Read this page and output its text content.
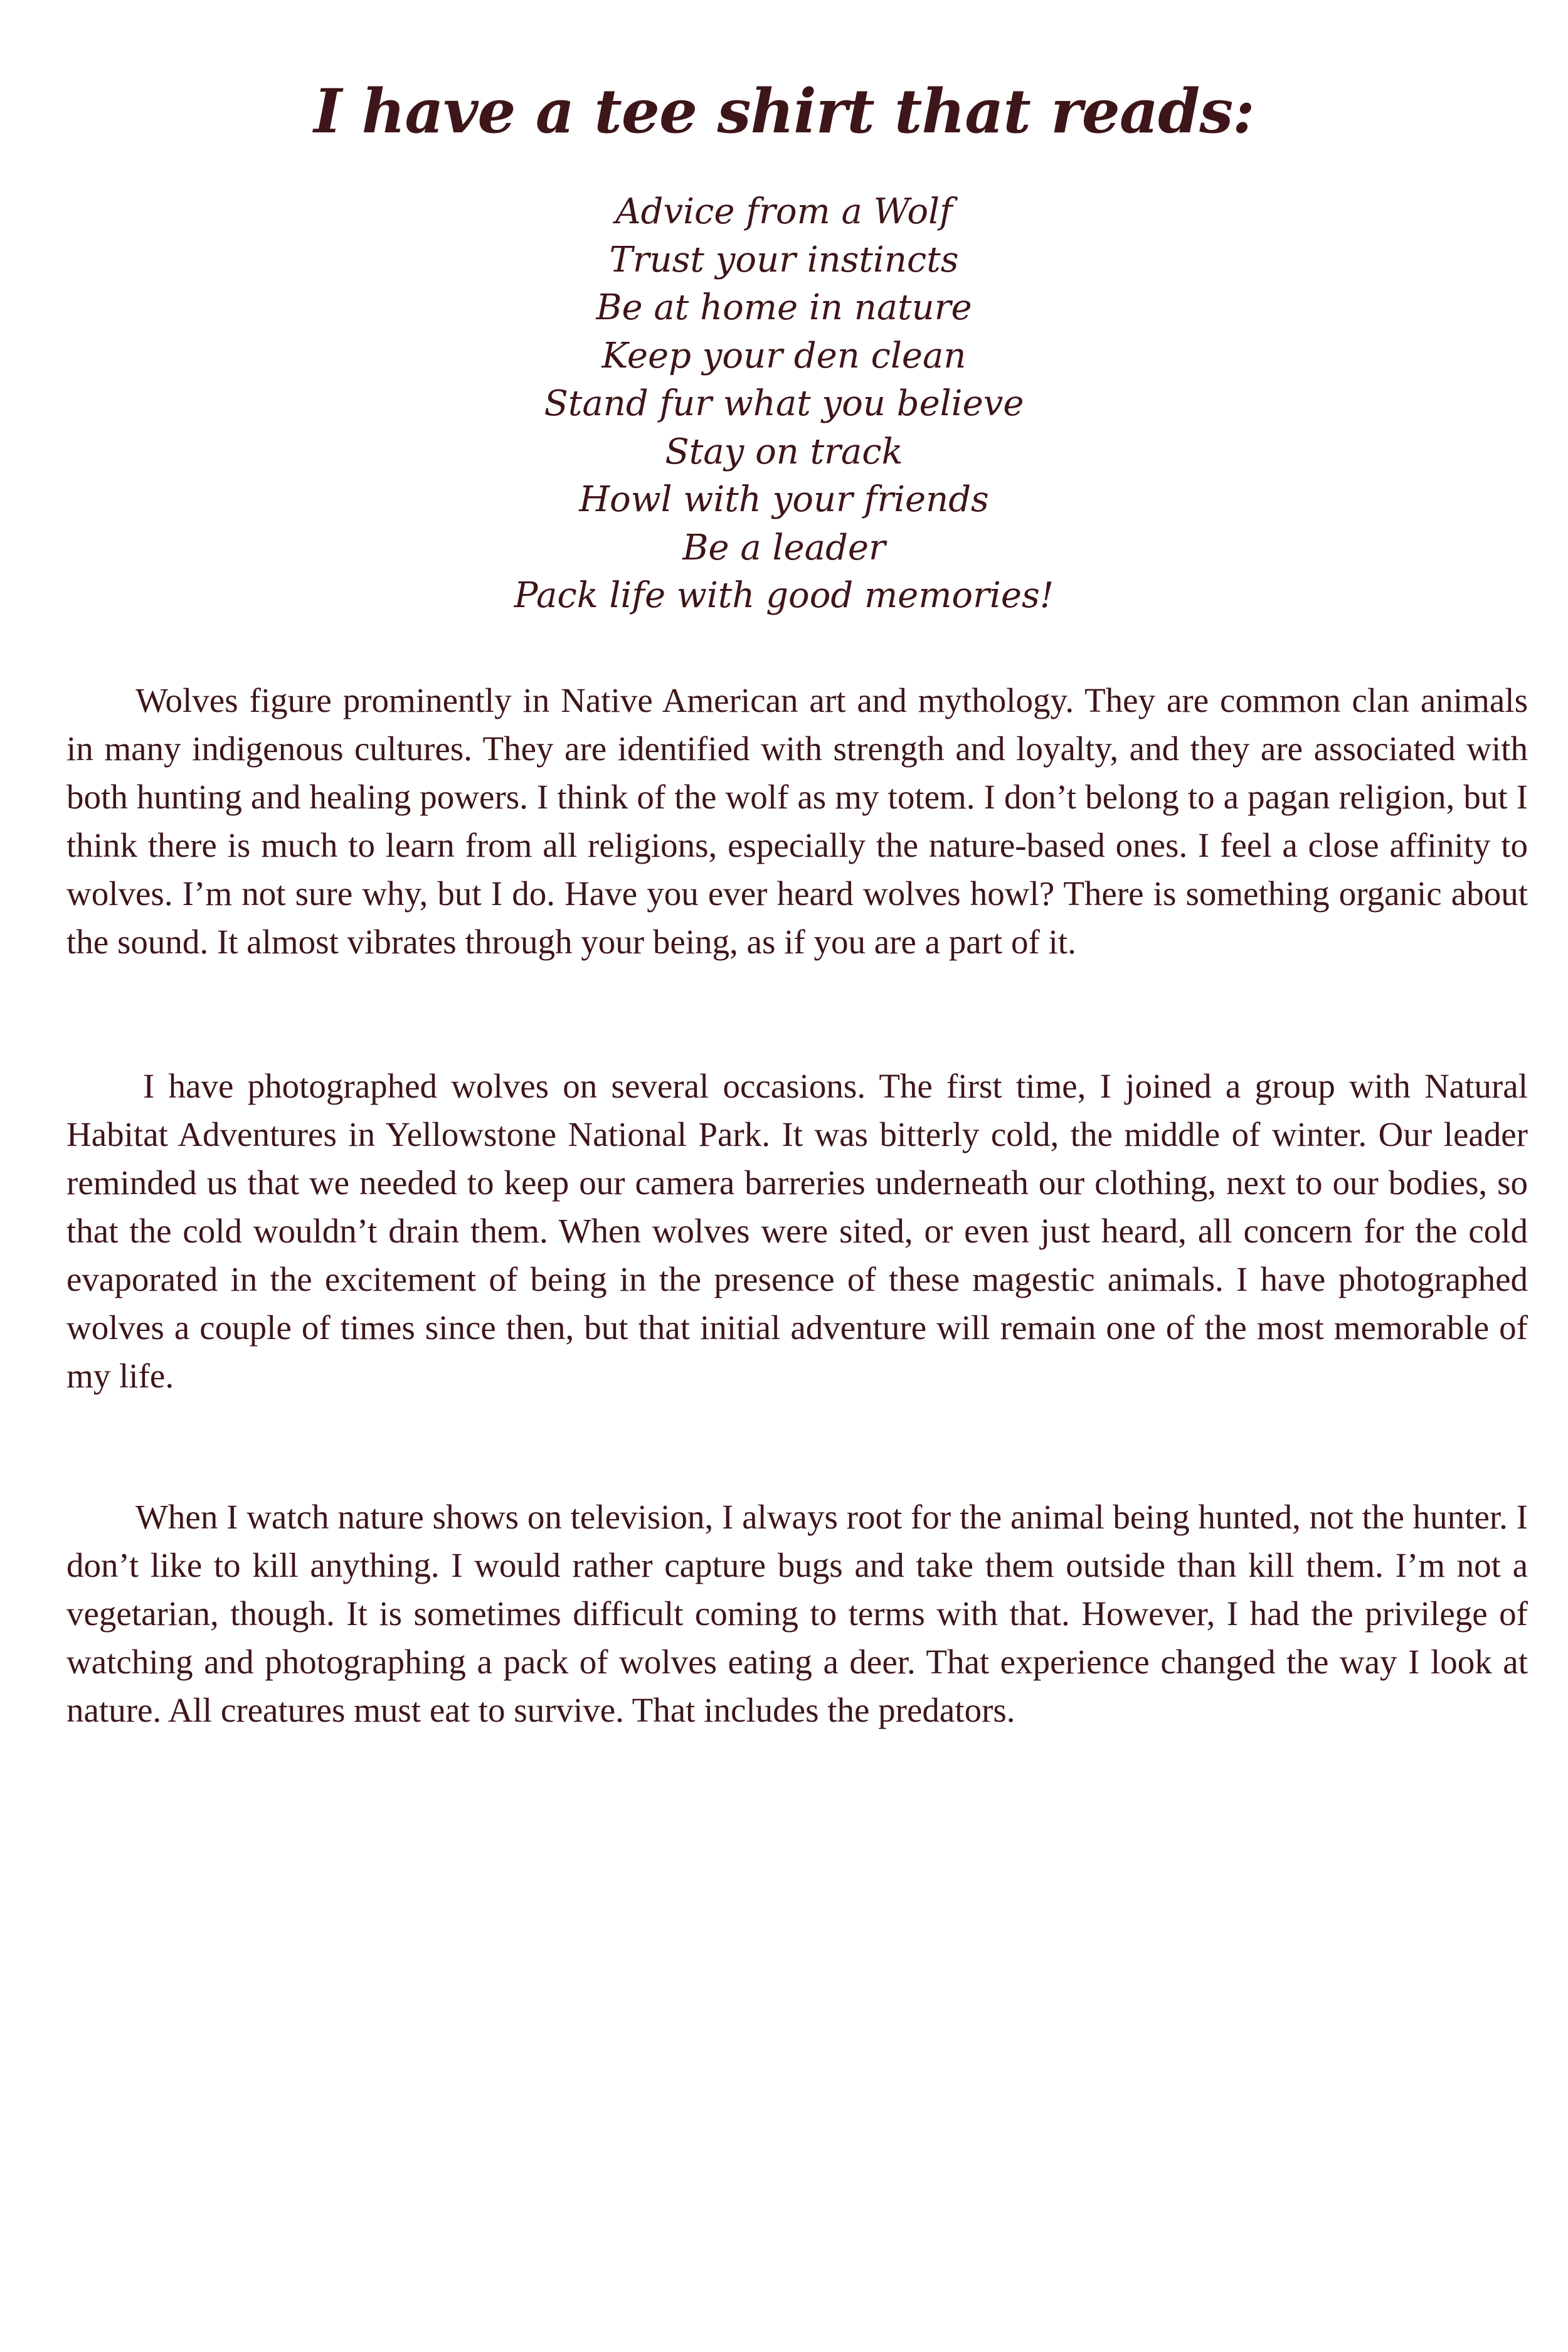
I have a tee shirt that reads:
Advice from a Wolf
Trust your instincts
Be at home in nature
Keep your den clean
Stand fur what you believe
Stay on track
Howl with your friends
Be a leader
Pack life with good memories!

Wolves figure prominently in Native American art and mythology. They are common clan animals in many indigenous cultures. They are identified with strength and loyalty, and they are associated with both hunting and healing powers. I think of the wolf as my totem. I don’t belong to a pagan religion, but I think there is much to learn from all religions, especially the nature-based ones. I feel a close affinity to wolves. I’m not sure why, but I do. Have you ever heard wolves howl? There is something organic about the sound. It almost vibrates through your being, as if you are a part of it.

I have photographed wolves on several occasions. The first time, I joined a group with Natural Habitat Adventures in Yellowstone National Park. It was bitterly cold, the middle of winter. Our leader reminded us that we needed to keep our camera barreries underneath our clothing, next to our bodies, so that the cold wouldn’t drain them. When wolves were sited, or even just heard, all concern for the cold evaporated in the excitement of being in the presence of these magestic animals. I have photographed wolves a couple of times since then, but that initial adventure will remain one of the most memorable of my life.

When I watch nature shows on television, I always root for the animal being hunted, not the hunter. I don’t like to kill anything. I would rather capture bugs and take them outside than kill them. I’m not a vegetarian, though. It is sometimes difficult coming to terms with that. However, I had the privilege of watching and photographing a pack of wolves eating a deer. That experience changed the way I look at nature. All creatures must eat to survive. That includes the predators.
